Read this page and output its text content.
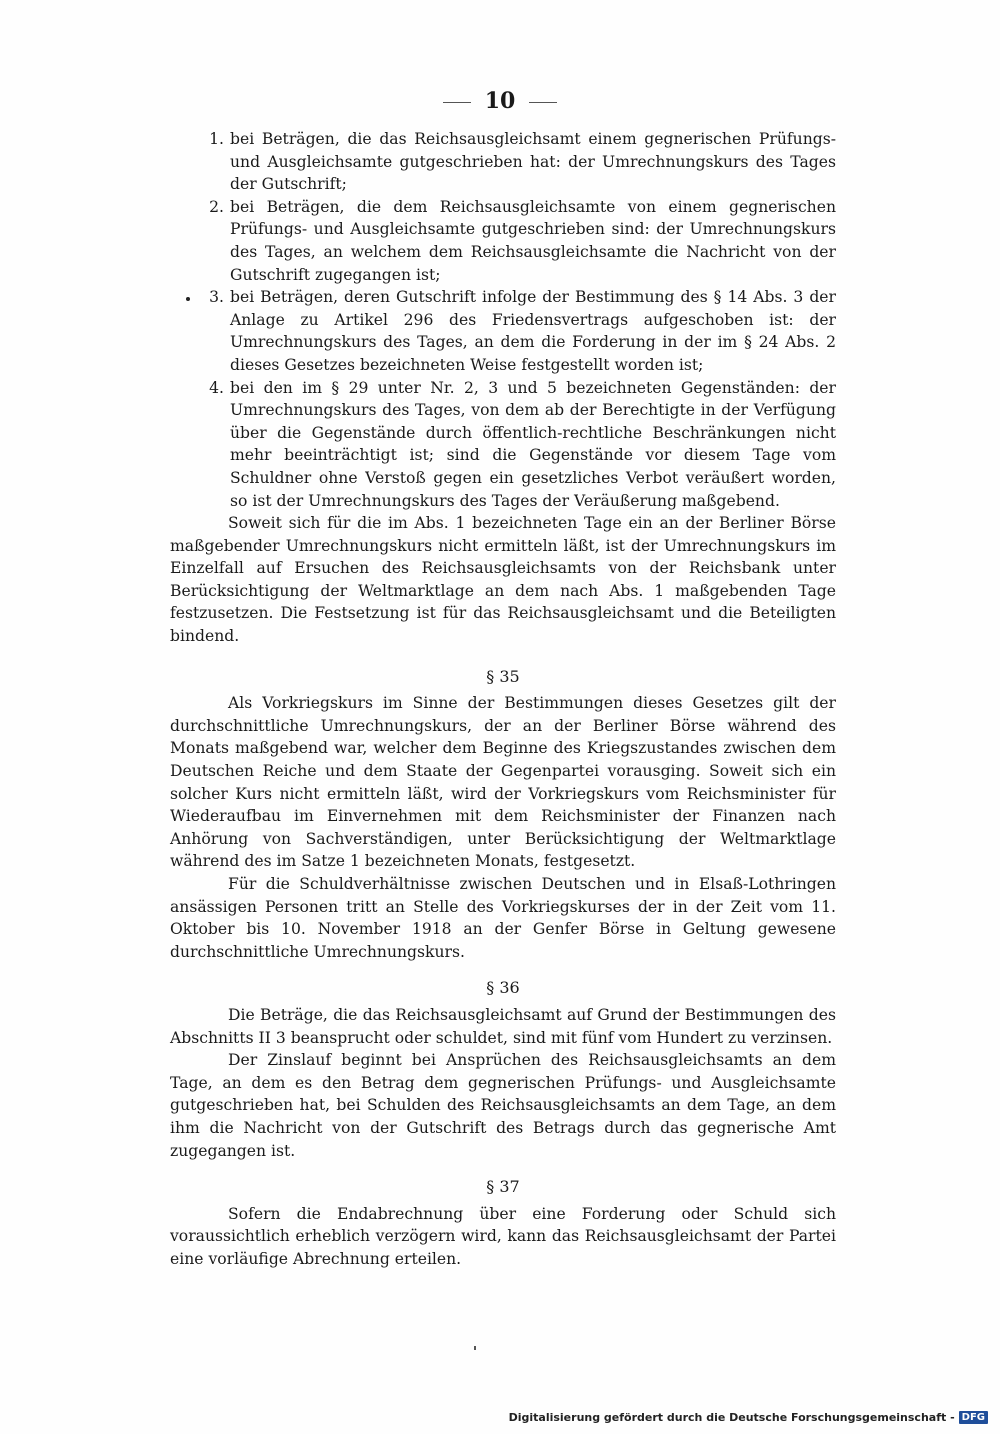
10
1. bei Beträgen, die das Reichsausgleichsamt einem gegnerischen Prüfungs- und Ausgleichsamte gutgeschrieben hat: der Umrechnungskurs des Tages der Gutschrift;
2. bei Beträgen, die dem Reichsausgleichsamte von einem gegnerischen Prüfungs- und Ausgleichsamte gutgeschrieben sind: der Umrechnungskurs des Tages, an welchem dem Reichsausgleichsamte die Nachricht von der Gutschrift zugegangen ist;
3. bei Beträgen, deren Gutschrift infolge der Bestimmung des § 14 Abs. 3 der Anlage zu Artikel 296 des Friedensvertrags aufgeschoben ist: der Umrechnungskurs des Tages, an dem die Forderung in der im § 24 Abs. 2 dieses Gesetzes bezeichneten Weise festgestellt worden ist;
4. bei den im § 29 unter Nr. 2, 3 und 5 bezeichneten Gegenständen: der Umrechnungskurs des Tages, von dem ab der Berechtigte in der Verfügung über die Gegenstände durch öffentlich-rechtliche Beschränkungen nicht mehr beeinträchtigt ist; sind die Gegenstände vor diesem Tage vom Schuldner ohne Verstoß gegen ein gesetzliches Verbot veräußert worden, so ist der Umrechnungskurs des Tages der Veräußerung maßgebend.

Soweit sich für die im Abs. 1 bezeichneten Tage ein an der Berliner Börse maßgebender Umrechnungskurs nicht ermitteln läßt, ist der Umrechnungskurs im Einzelfall auf Ersuchen des Reichsausgleichsamts von der Reichsbank unter Berücksichtigung der Weltmarktlage an dem nach Abs. 1 maßgebenden Tage festzusetzen. Die Festsetzung ist für das Reichsausgleichsamt und die Beteiligten bindend.

§ 35

Als Vorkriegskurs im Sinne der Bestimmungen dieses Gesetzes gilt der durchschnittliche Umrechnungskurs, der an der Berliner Börse während des Monats maßgebend war, welcher dem Beginne des Kriegszustandes zwischen dem Deutschen Reiche und dem Staate der Gegenpartei vorausging. Soweit sich ein solcher Kurs nicht ermitteln läßt, wird der Vorkriegskurs vom Reichsminister für Wiederaufbau im Einvernehmen mit dem Reichsminister der Finanzen nach Anhörung von Sachverständigen, unter Berücksichtigung der Weltmarktlage während des im Satze 1 bezeichneten Monats, festgesetzt.

Für die Schuldverhältnisse zwischen Deutschen und in Elsaß-Lothringen ansässigen Personen tritt an Stelle des Vorkriegskurses der in der Zeit vom 11. Oktober bis 10. November 1918 an der Genfer Börse in Geltung gewesene durchschnittliche Umrechnungskurs.

§ 36

Die Beträge, die das Reichsausgleichsamt auf Grund der Bestimmungen des Abschnitts II 3 beansprucht oder schuldet, sind mit fünf vom Hundert zu verzinsen.

Der Zinslauf beginnt bei Ansprüchen des Reichsausgleichsamts an dem Tage, an dem es den Betrag dem gegnerischen Prüfungs- und Ausgleichsamte gutgeschrieben hat, bei Schulden des Reichsausgleichsamts an dem Tage, an dem ihm die Nachricht von der Gutschrift des Betrags durch das gegnerische Amt zugegangen ist.

§ 37

Sofern die Endabrechnung über eine Forderung oder Schuld sich voraussichtlich erheblich verzögern wird, kann das Reichsausgleichsamt der Partei eine vorläufige Abrechnung erteilen.

Digitalisierung gefördert durch die Deutsche Forschungsgemeinschaft - DFG
